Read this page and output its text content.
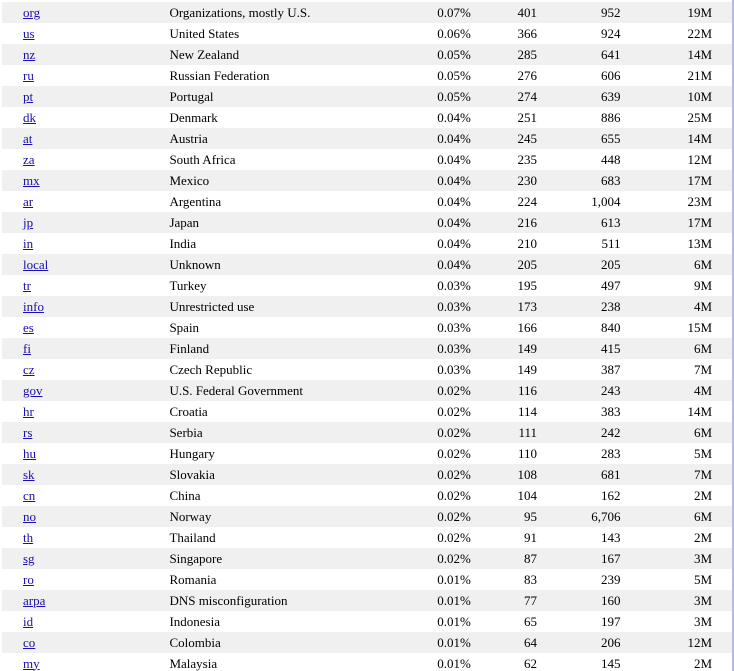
org	Organizations, mostly U.S.	0.07%	401	952	19M
us	United States	0.06%	366	924	22M
nz	New Zealand	0.05%	285	641	14M
ru	Russian Federation	0.05%	276	606	21M
pt	Portugal	0.05%	274	639	10M
dk	Denmark	0.04%	251	886	25M
at	Austria	0.04%	245	655	14M
za	South Africa	0.04%	235	448	12M
mx	Mexico	0.04%	230	683	17M
ar	Argentina	0.04%	224	1,004	23M
jp	Japan	0.04%	216	613	17M
in	India	0.04%	210	511	13M
local	Unknown	0.04%	205	205	6M
tr	Turkey	0.03%	195	497	9M
info	Unrestricted use	0.03%	173	238	4M
es	Spain	0.03%	166	840	15M
fi	Finland	0.03%	149	415	6M
cz	Czech Republic	0.03%	149	387	7M
gov	U.S. Federal Government	0.02%	116	243	4M
hr	Croatia	0.02%	114	383	14M
rs	Serbia	0.02%	111	242	6M
hu	Hungary	0.02%	110	283	5M
sk	Slovakia	0.02%	108	681	7M
cn	China	0.02%	104	162	2M
no	Norway	0.02%	95	6,706	6M
th	Thailand	0.02%	91	143	2M
sg	Singapore	0.02%	87	167	3M
ro	Romania	0.01%	83	239	5M
arpa	DNS misconfiguration	0.01%	77	160	3M
id	Indonesia	0.01%	65	197	3M
co	Colombia	0.01%	64	206	12M
my	Malaysia	0.01%	62	145	2M
